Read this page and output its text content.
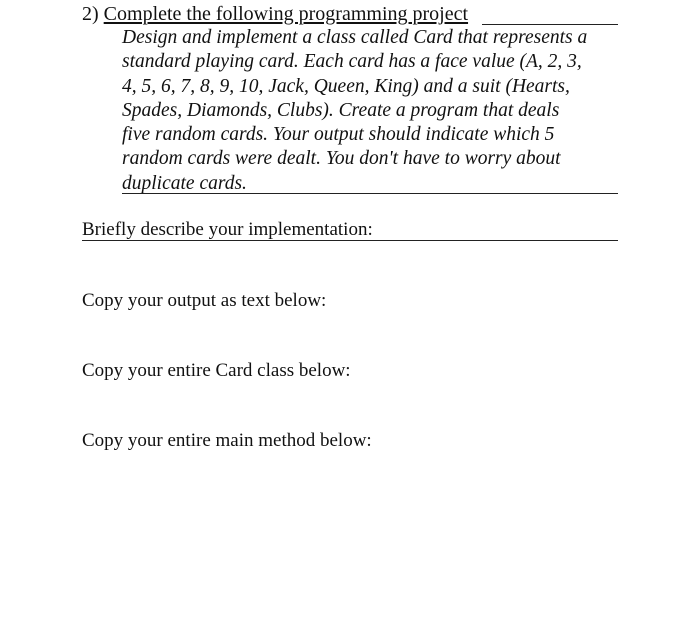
2) Complete the following programming project
Design and implement a class called Card that represents a
standard playing card. Each card has a face value (A, 2, 3,
4, 5, 6, 7, 8, 9, 10, Jack, Queen, King) and a suit (Hearts,
Spades, Diamonds, Clubs). Create a program that deals
five random cards. Your output should indicate which 5
random cards were dealt. You don't have to worry about
duplicate cards.
Briefly describe your implementation:
Copy your output as text below:
Copy your entire Card class below:
Copy your entire main method below:
